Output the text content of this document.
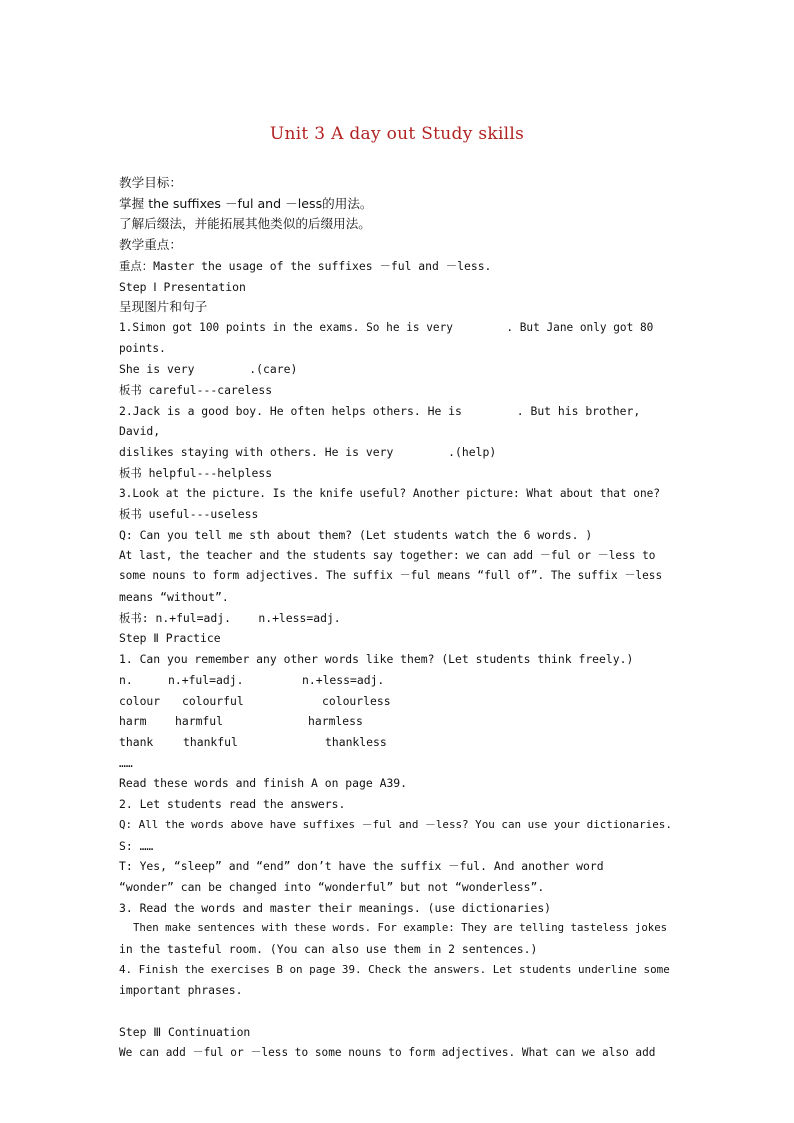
Unit 3 A day out Study skills

教学目标：

掌握 the suffixes －ful and －less的用法。

了解后缀法，并能拓展其他类似的后缀用法。

教学重点：

重点：Master the usage of the suffixes －ful and －less.

Step Ⅰ Presentation

呈现图片和句子

1.Simon got 100 points in the exams. So he is very        . But Jane only got 80 points.

She is very        .(care)

板书 careful---careless

2.Jack is a good boy. He often helps others. He is        . But his brother, David,

dislikes staying with others. He is very        .(help)

板书 helpful---helpless

3.Look at the picture. Is the knife useful? Another picture: What about that one?

板书 useful---useless

Q: Can you tell me sth about them? (Let students watch the 6 words. )

At last, the teacher and the students say together: we can add －ful or －less to

some nouns to form adjectives. The suffix －ful means “full of”. The suffix －less

means “without”.

板书: n.+ful=adj.    n.+less=adj.

Step Ⅱ Practice

1. Can you remember any other words like them? (Let students think freely.)

n.	n.+ful=adj.	n.+less=adj.
colour	colourful	colourless
harm	harmful	harmless
thank	thankful	thankless

……

Read these words and finish A on page A39.

2. Let students read the answers.

Q: All the words above have suffixes －ful and －less? You can use your dictionaries.

S: ……

T: Yes, “sleep” and “end” don’t have the suffix －ful. And another word

“wonder” can be changed into “wonderful” but not “wonderless”.

3. Read the words and master their meanings. (use dictionaries)

Then make sentences with these words. For example: They are telling tasteless jokes

in the tasteful room. (You can also use them in 2 sentences.)

4. Finish the exercises B on page 39. Check the answers. Let students underline some

important phrases.

Step Ⅲ Continuation

We can add －ful or －less to some nouns to form adjectives. What can we also add
